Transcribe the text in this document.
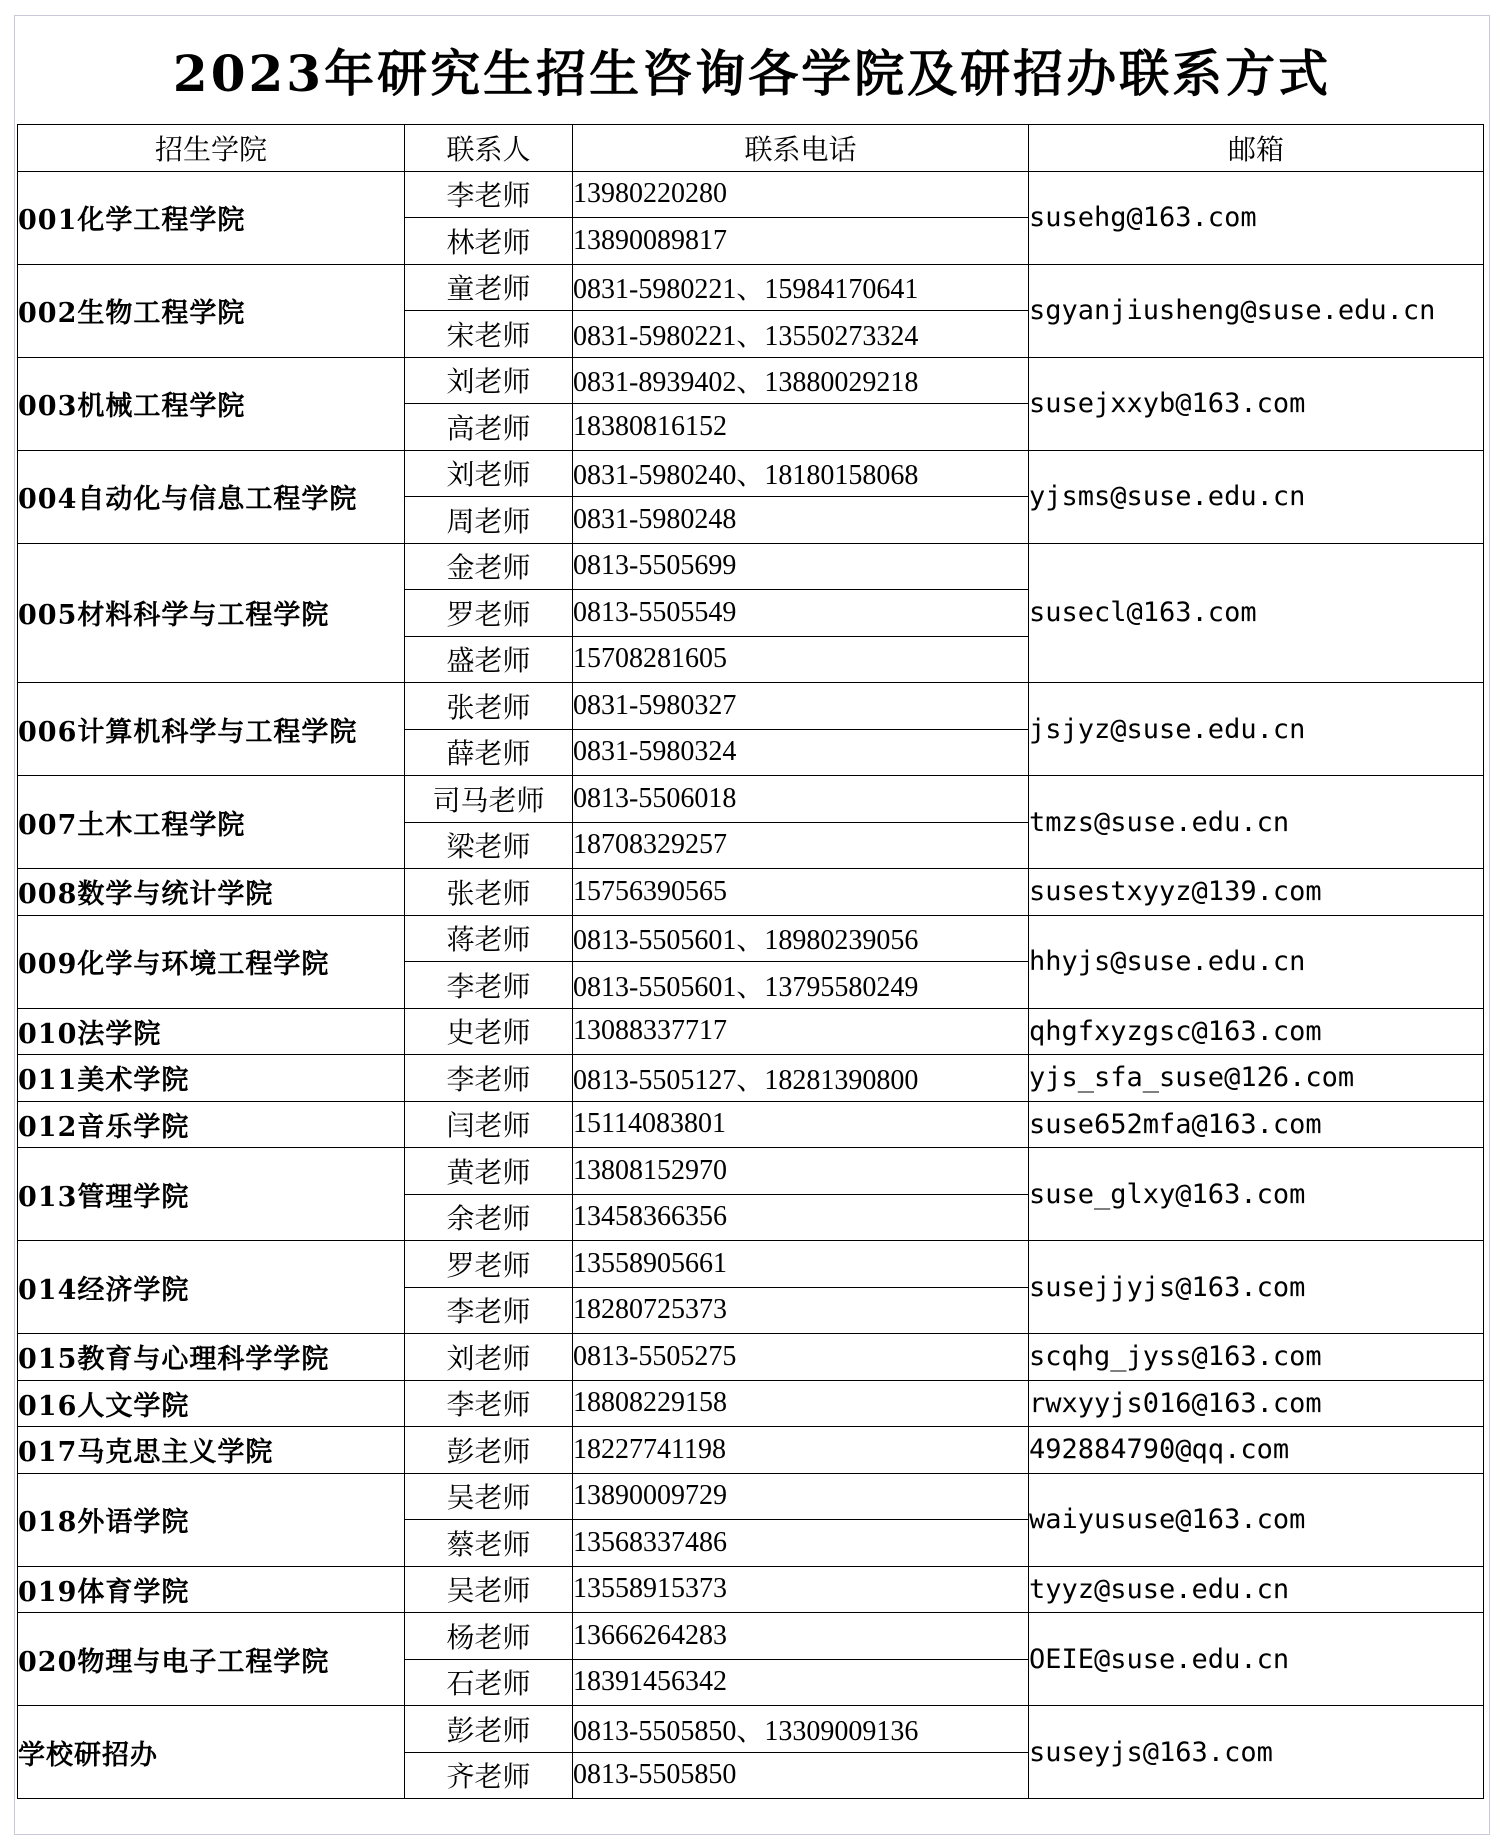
2023年研究生招生咨询各学院及研招办联系方式
招生学院	联系人	联系电话	邮箱
001化学工程学院	李老师	13980220280	susehg@163.com
	林老师	13890089817	
002生物工程学院	童老师	0831-5980221、15984170641	sgyanjiusheng@suse.edu.cn
	宋老师	0831-5980221、13550273324	
003机械工程学院	刘老师	0831-8939402、13880029218	susejxxyb@163.com
	高老师	18380816152	
004自动化与信息工程学院	刘老师	0831-5980240、18180158068	yjsms@suse.edu.cn
	周老师	0831-5980248	
005材料科学与工程学院	金老师	0813-5505699	susecl@163.com
	罗老师	0813-5505549	
	盛老师	15708281605	
006计算机科学与工程学院	张老师	0831-5980327	jsjyz@suse.edu.cn
	薛老师	0831-5980324	
007土木工程学院	司马老师	0813-5506018	tmzs@suse.edu.cn
	梁老师	18708329257	
008数学与统计学院	张老师	15756390565	susestxyyz@139.com
009化学与环境工程学院	蒋老师	0813-5505601、18980239056	hhyjs@suse.edu.cn
	李老师	0813-5505601、13795580249	
010法学院	史老师	13088337717	qhgfxyzgsc@163.com
011美术学院	李老师	0813-5505127、18281390800	yjs_sfa_suse@126.com
012音乐学院	闫老师	15114083801	suse652mfa@163.com
013管理学院	黄老师	13808152970	suse_glxy@163.com
	余老师	13458366356	
014经济学院	罗老师	13558905661	susejjyjs@163.com
	李老师	18280725373	
015教育与心理科学学院	刘老师	0813-5505275	scqhg_jyss@163.com
016人文学院	李老师	18808229158	rwxyyjs016@163.com
017马克思主义学院	彭老师	18227741198	492884790@qq.com
018外语学院	吴老师	13890009729	waiyususe@163.com
	蔡老师	13568337486	
019体育学院	吴老师	13558915373	tyyz@suse.edu.cn
020物理与电子工程学院	杨老师	13666264283	OEIE@suse.edu.cn
	石老师	18391456342	
学校研招办	彭老师	0813-5505850、13309009136	suseyjs@163.com
	齐老师	0813-5505850	
